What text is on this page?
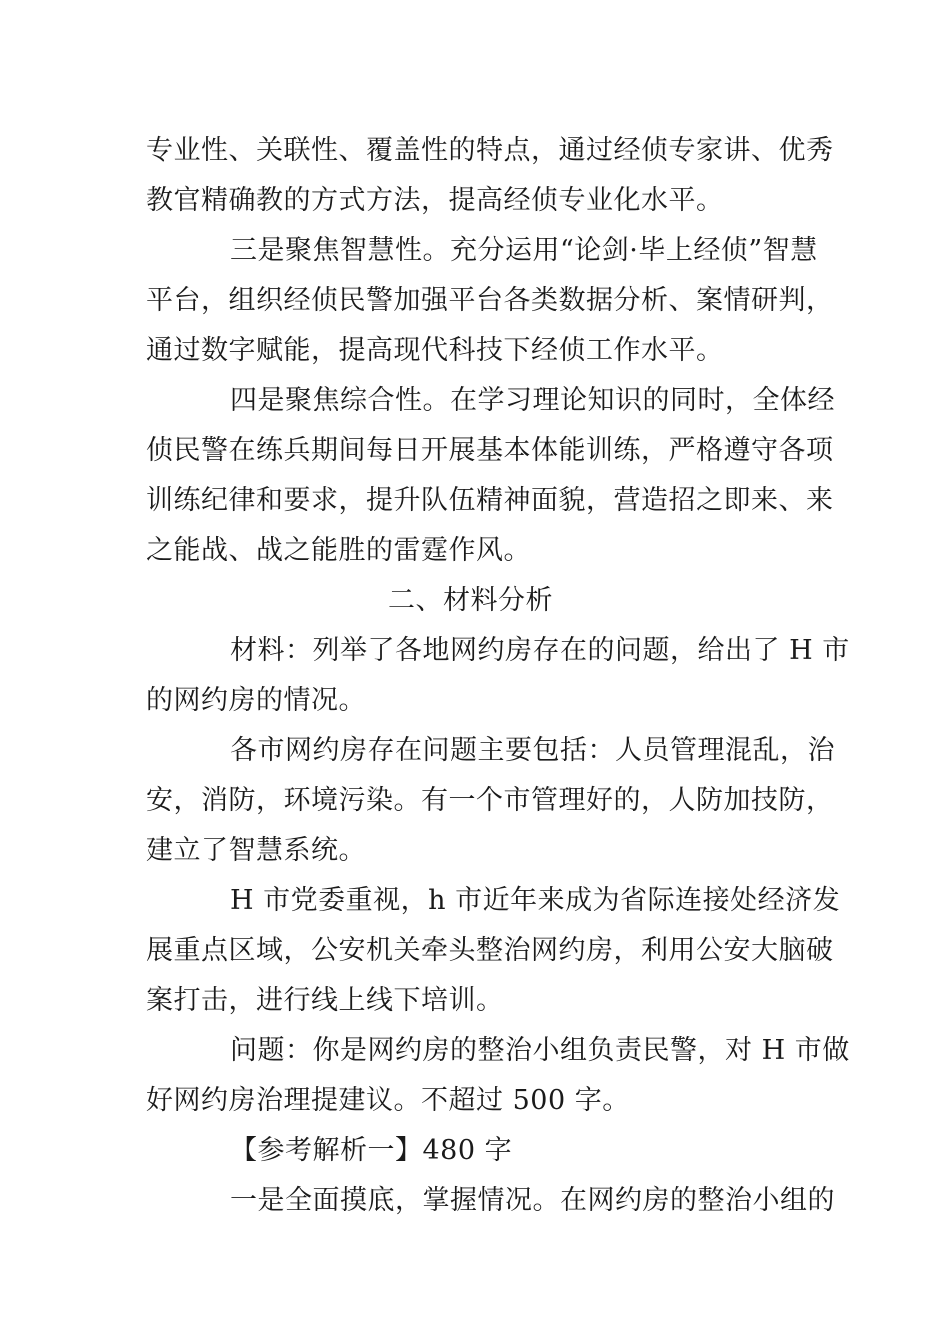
专业性、关联性、覆盖性的特点，通过经侦专家讲、优秀
教官精确教的方式方法，提高经侦专业化水平。
三是聚焦智慧性。充分运用“论剑·毕上经侦”智慧
平台，组织经侦民警加强平台各类数据分析、案情研判，
通过数字赋能，提高现代科技下经侦工作水平。
四是聚焦综合性。在学习理论知识的同时，全体经
侦民警在练兵期间每日开展基本体能训练，严格遵守各项
训练纪律和要求，提升队伍精神面貌，营造招之即来、来
之能战、战之能胜的雷霆作风。
二、材料分析
材料：列举了各地网约房存在的问题，给出了 H 市
的网约房的情况。
各市网约房存在问题主要包括：人员管理混乱，治
安，消防，环境污染。有一个市管理好的，人防加技防，
建立了智慧系统。
H 市党委重视，h 市近年来成为省际连接处经济发
展重点区域，公安机关牵头整治网约房，利用公安大脑破
案打击，进行线上线下培训。
问题：你是网约房的整治小组负责民警，对 H 市做
好网约房治理提建议。不超过 500 字。
【参考解析一】480 字
一是全面摸底，掌握情况。在网约房的整治小组的
